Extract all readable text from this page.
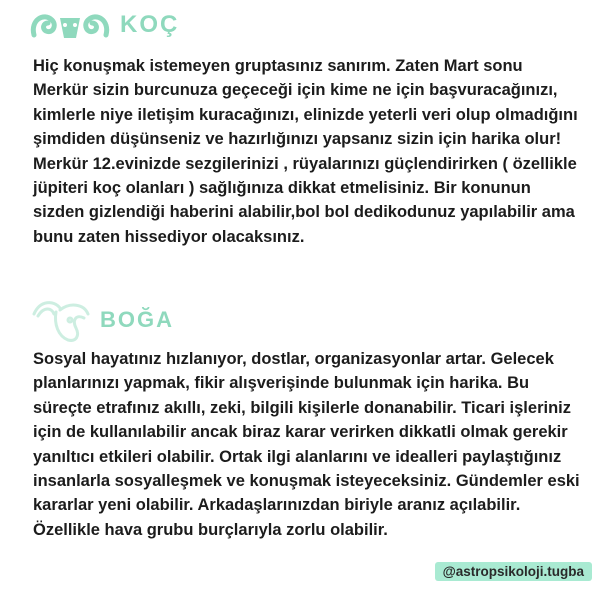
KOÇ

Hiç konuşmak istemeyen gruptasınız sanırım. Zaten Mart sonu Merkür sizin burcunuza geçeceği için kime ne için başvuracağınızı, kimlerle niye iletişim kuracağınızı, elinizde yeterli veri olup olmadığını şimdiden düşünseniz ve hazırlığınızı yapsanız sizin için harika olur! Merkür 12.evinizde sezgilerinizi , rüyalarınızı güçlendirirken ( özellikle jüpiteri koç olanları ) sağlığınıza dikkat etmelisiniz. Bir konunun sizden gizlendiği haberini alabilir,bol bol dedikodunuz yapılabilir ama bunu zaten hissediyor olacaksınız.

BOĞA

Sosyal hayatınız hızlanıyor, dostlar, organizasyonlar artar. Gelecek planlarınızı yapmak, fikir alışverişinde bulunmak için harika. Bu süreçte etrafınız akıllı, zeki, bilgili kişilerle donanabilir. Ticari işleriniz için de kullanılabilir ancak biraz karar verirken dikkatli olmak gerekir yanıltıcı etkileri olabilir. Ortak ilgi alanlarını ve idealleri paylaştığınız insanlarla sosyalleşmek ve konuşmak isteyeceksiniz. Gündemler eski kararlar yeni olabilir. Arkadaşlarınızdan biriyle aranız açılabilir. Özellikle hava grubu burçlarıyla zorlu olabilir.

@astropsikoloji.tugba
